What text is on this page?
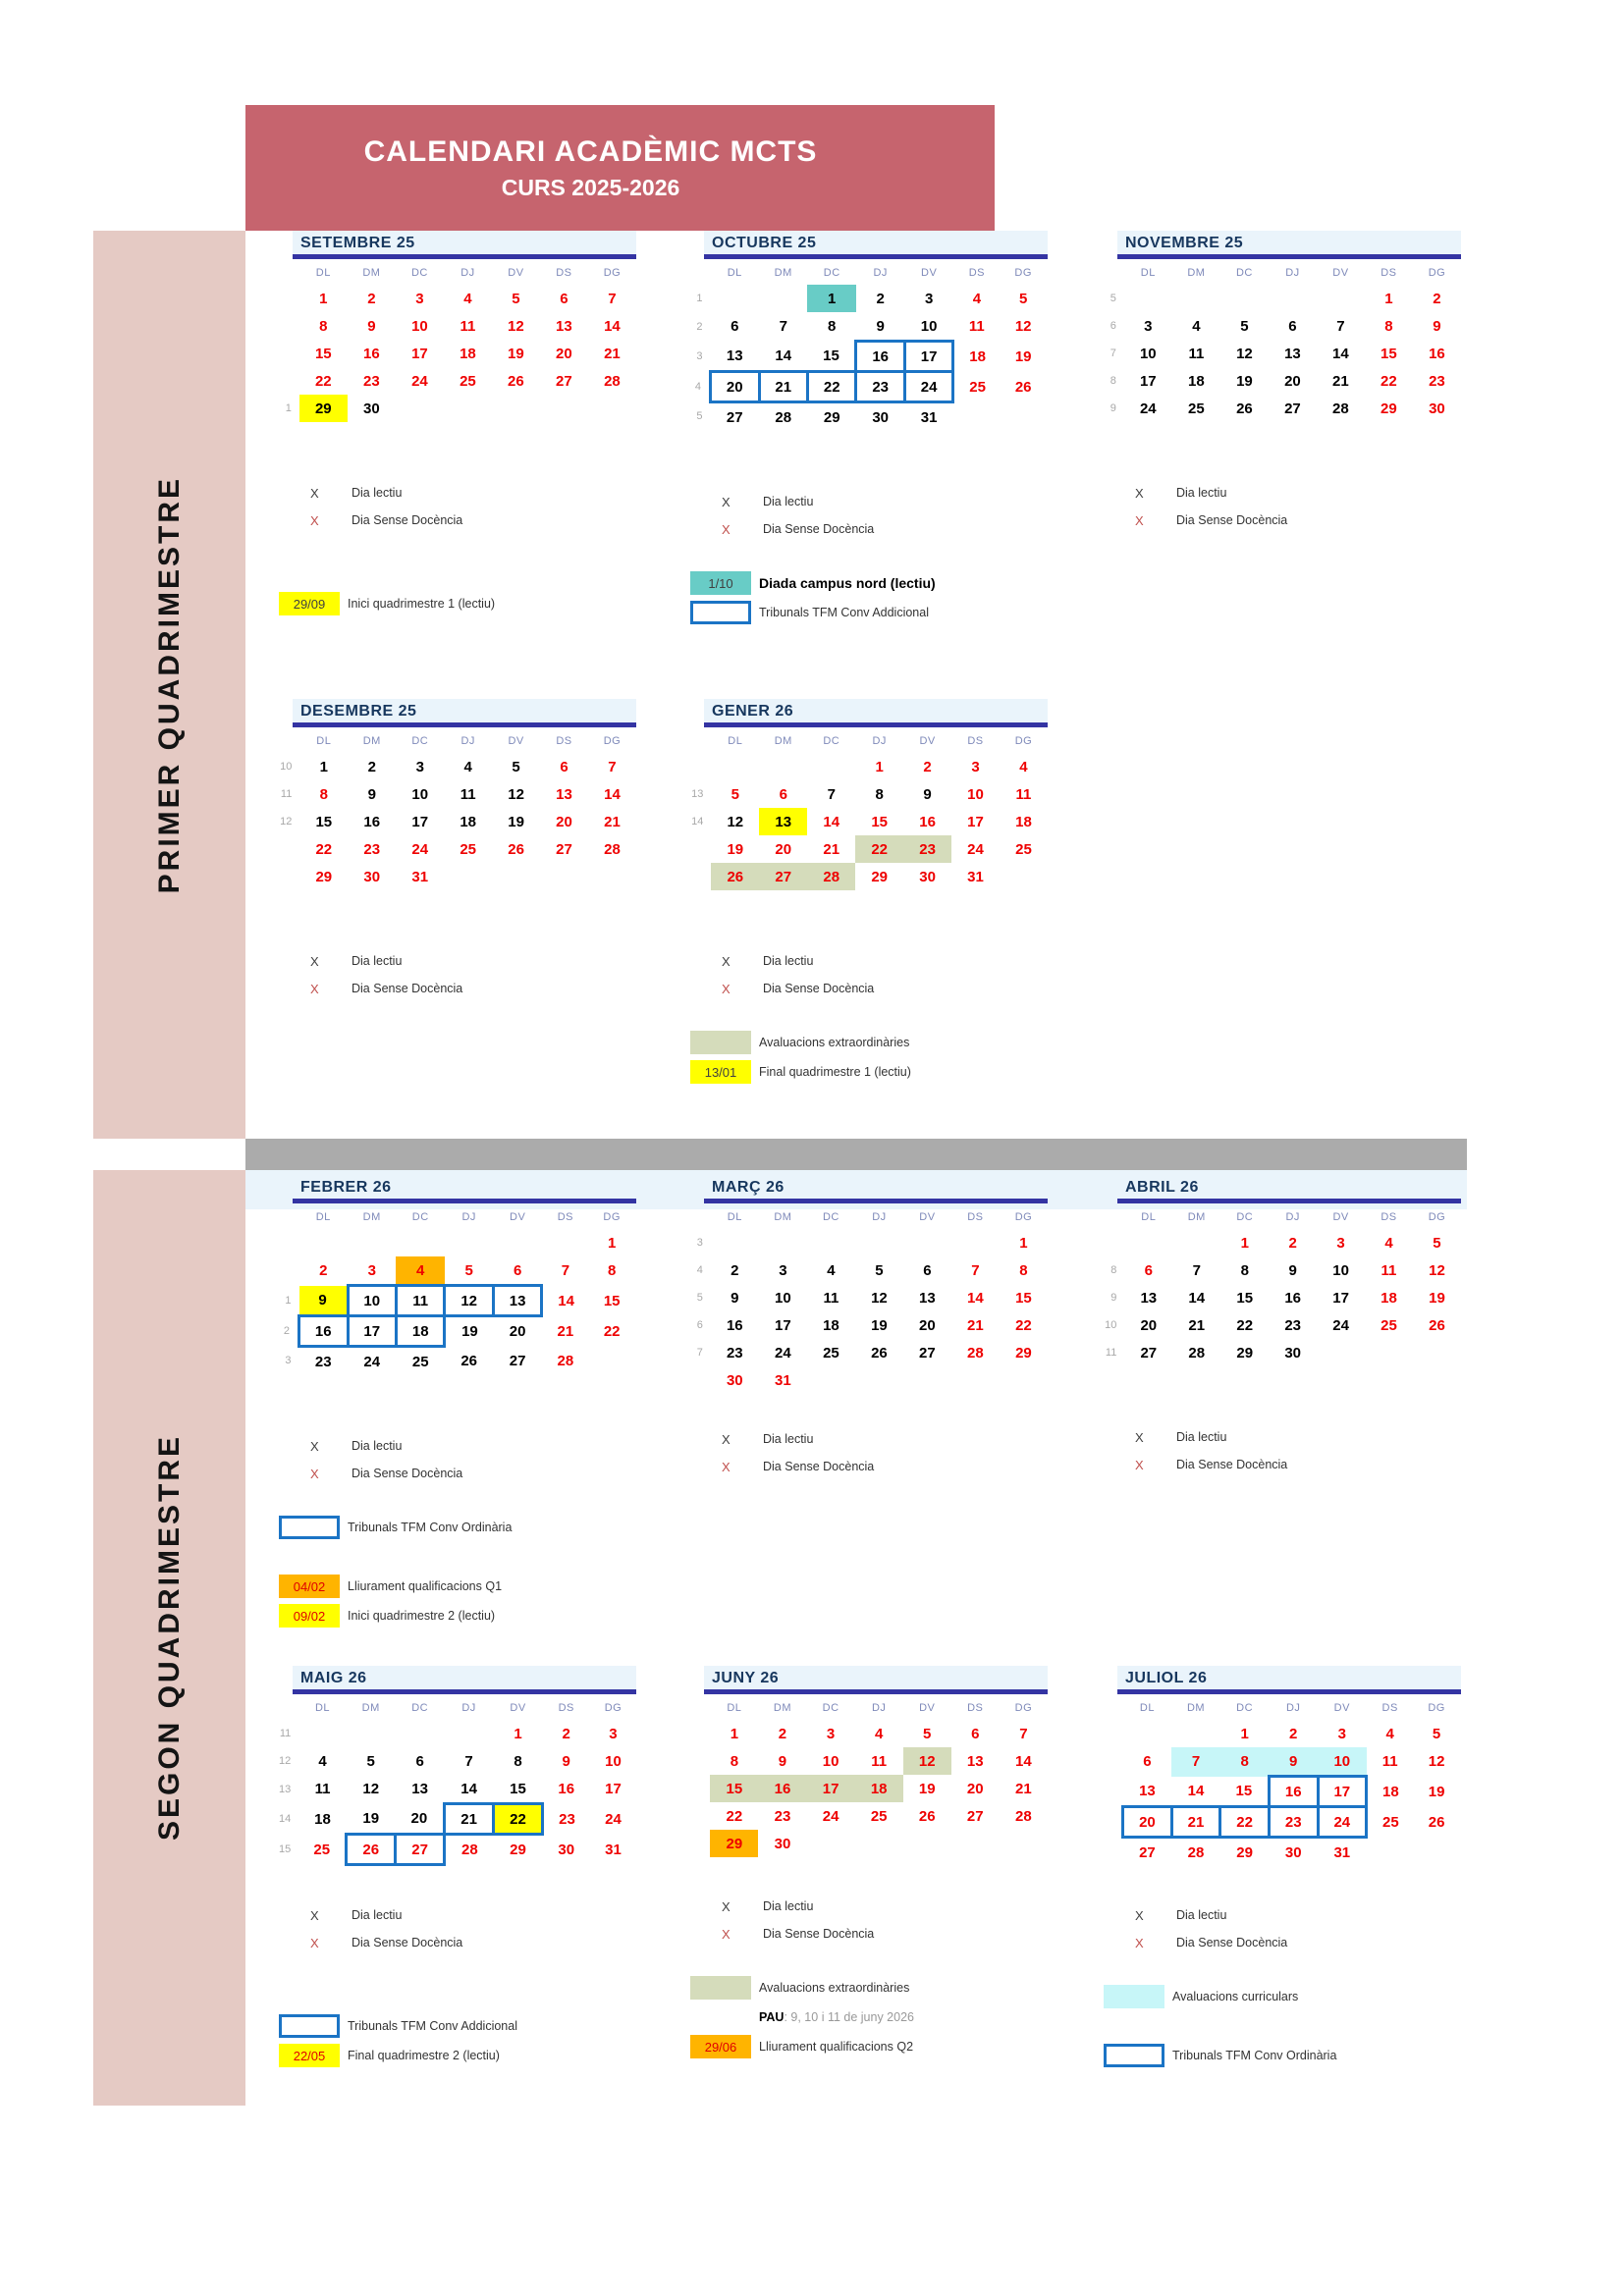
CALENDARI ACADÈMIC MCTS
CURS 2025-2026
PRIMER QUADRIMESTRE
SEGON QUADRIMESTRE
SETEMBRE 25
	DL	DM	DC	DJ	DV	DS	DG
	1	2	3	4	5	6	7
	8	9	10	11	12	13	14
	15	16	17	18	19	20	21
	22	23	24	25	26	27	28
1	29	30					
X	Dia lectiu
X	Dia Sense Docència
29/09	Inici quadrimestre 1 (lectiu)
OCTUBRE 25
	DL	DM	DC	DJ	DV	DS	DG
1			1	2	3	4	5
2	6	7	8	9	10	11	12
3	13	14	15	16	17	18	19
4	20	21	22	23	24	25	26
5	27	28	29	30	31		
X	Dia lectiu
X	Dia Sense Docència
1/10	Diada campus nord (lectiu)
Tribunals TFM Conv Addicional
NOVEMBRE 25
	DL	DM	DC	DJ	DV	DS	DG
5						1	2
6	3	4	5	6	7	8	9
7	10	11	12	13	14	15	16
8	17	18	19	20	21	22	23
9	24	25	26	27	28	29	30
X	Dia lectiu
X	Dia Sense Docència
DESEMBRE 25
	DL	DM	DC	DJ	DV	DS	DG
10	1	2	3	4	5	6	7
11	8	9	10	11	12	13	14
12	15	16	17	18	19	20	21
	22	23	24	25	26	27	28
	29	30	31				
X	Dia lectiu
X	Dia Sense Docència
GENER 26
	DL	DM	DC	DJ	DV	DS	DG
				1	2	3	4
13	5	6	7	8	9	10	11
14	12	13	14	15	16	17	18
	19	20	21	22	23	24	25
	26	27	28	29	30	31	
X	Dia lectiu
X	Dia Sense Docència
Avaluacions extraordinàries
13/01	Final quadrimestre 1 (lectiu)
FEBRER 26
	DL	DM	DC	DJ	DV	DS	DG
							1
	2	3	4	5	6	7	8
1	9	10	11	12	13	14	15
2	16	17	18	19	20	21	22
3	23	24	25	26	27	28	
X	Dia lectiu
X	Dia Sense Docència
Tribunals TFM Conv Ordinària
04/02	Lliurament qualificacions Q1
09/02	Inici quadrimestre 2 (lectiu)
MARÇ 26
	DL	DM	DC	DJ	DV	DS	DG
3							1
4	2	3	4	5	6	7	8
5	9	10	11	12	13	14	15
6	16	17	18	19	20	21	22
7	23	24	25	26	27	28	29
	30	31					
X	Dia lectiu
X	Dia Sense Docència
ABRIL 26
	DL	DM	DC	DJ	DV	DS	DG
			1	2	3	4	5
8	6	7	8	9	10	11	12
9	13	14	15	16	17	18	19
10	20	21	22	23	24	25	26
11	27	28	29	30			
X	Dia lectiu
X	Dia Sense Docència
MAIG 26
	DL	DM	DC	DJ	DV	DS	DG
11					1	2	3
12	4	5	6	7	8	9	10
13	11	12	13	14	15	16	17
14	18	19	20	21	22	23	24
15	25	26	27	28	29	30	31
X	Dia lectiu
X	Dia Sense Docència
Tribunals TFM Conv Addicional
22/05	Final quadrimestre 2 (lectiu)
JUNY 26
	DL	DM	DC	DJ	DV	DS	DG
	1	2	3	4	5	6	7
	8	9	10	11	12	13	14
	15	16	17	18	19	20	21
	22	23	24	25	26	27	28
	29	30					
X	Dia lectiu
X	Dia Sense Docència
Avaluacions extraordinàries
PAU : 9, 10 i 11 de juny 2026
29/06	Lliurament qualificacions Q2
JULIOL 26
	DL	DM	DC	DJ	DV	DS	DG
			1	2	3	4	5
	6	7	8	9	10	11	12
	13	14	15	16	17	18	19
	20	21	22	23	24	25	26
	27	28	29	30	31		
X	Dia lectiu
X	Dia Sense Docència
Avaluacions curriculars
Tribunals TFM Conv Ordinària
